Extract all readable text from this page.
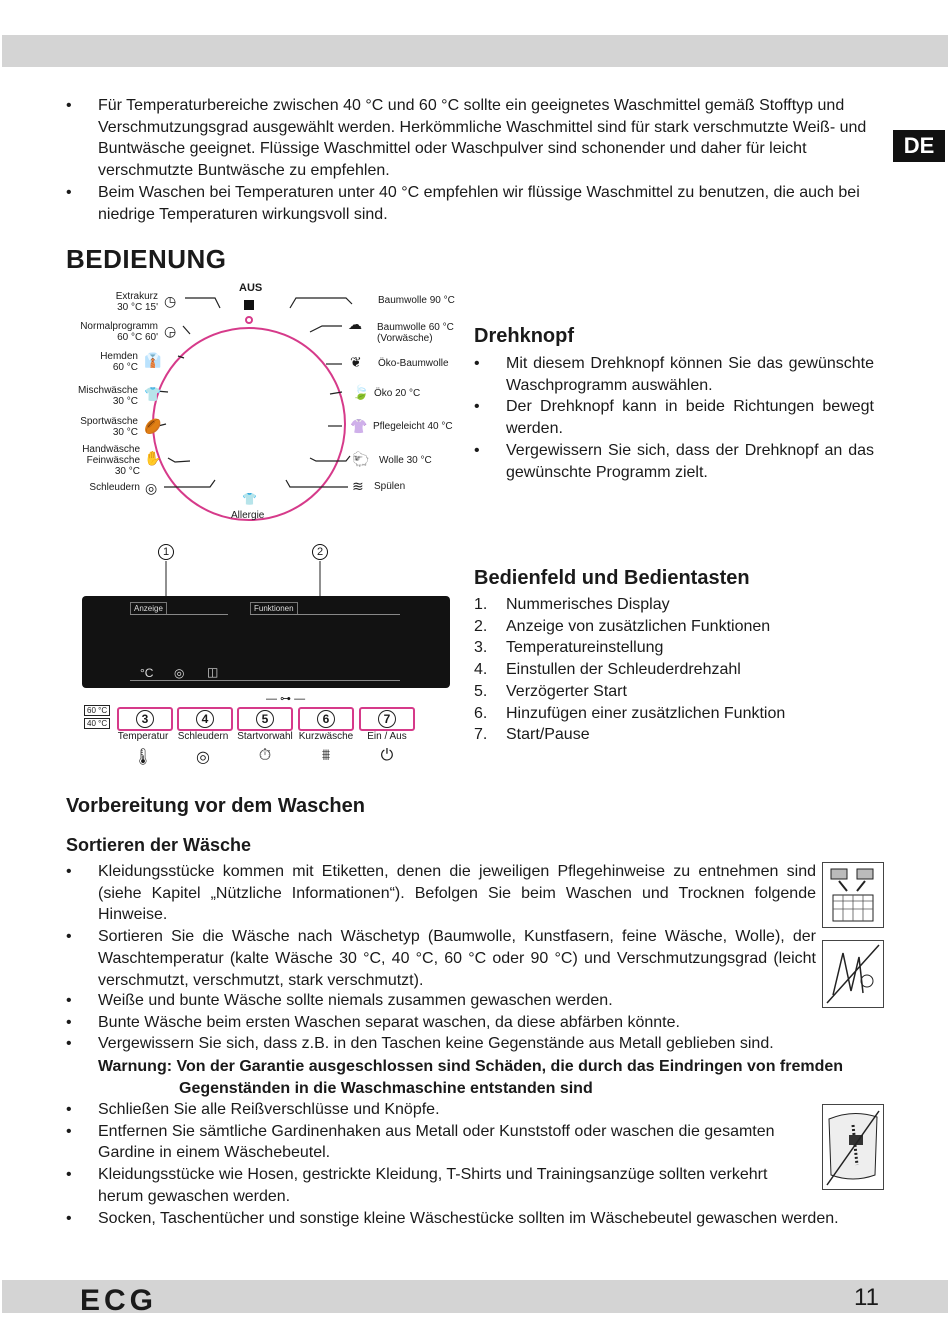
DE
• Für Temperaturbereiche zwischen 40 °C und 60 °C sollte ein geeignetes Waschmittel gemäß Stofftyp und Verschmutzungsgrad ausgewählt werden. Herkömmliche Waschmittel sind für stark verschmutzte Weiß- und Buntwäsche geeignet. Flüssige Waschmittel oder Waschpulver sind schonender und daher für leicht verschmutzte Buntwäsche zu empfehlen.
• Beim Waschen bei Temperaturen unter 40 °C empfehlen wir flüssige Waschmittel zu benutzen, die auch bei niedrige Temperaturen wirkungsvoll sind.
BEDIENUNG
AUS
Allergie
👕
Extrakurz
30 °C 15' ◷
Normalprogramm
60 °C 60' ◶
Hemden
60 °C 👔
Mischwäsche
30 °C 👕
Sportwäsche
30 °C 🏉
Handwäsche
Feinwäsche
30 °C
✋
Schleudern ◎
Baumwolle 90 °C
☁ Baumwolle 60 °C
(Vorwäsche)
❦ Öko-Baumwolle
🍃 Öko 20 °C
👚 Pflegeleicht 40 °C
🐑 Wolle 30 °C
≋ Spülen
Drehknopf
• Mit diesem Drehknopf können Sie das gewünschte Waschprogramm auswählen.
• Der Drehknopf kann in beide Richtungen bewegt werden.
• Vergewissern Sie sich, dass der Drehknopf an das gewünschte Programm zielt.
1	2
Anzeige	Funktionen
°C ◎ ◫
— ⊶ —
60 °C
40 °C	3	4	5	6	7
Temperatur Schleudern Startvorwahl Kurzwäsche	Ein / Aus
🌡	◎	⏱	⩩	⏻
Bedienfeld und Bedientasten
1. Nummerisches Display
2. Anzeige von zusätzlichen Funktionen
3. Temperatureinstellung
4. Einstullen der Schleuderdrehzahl
5. Verzögerter Start
6. Hinzufügen einer zusätzlichen Funktion
7. Start/Pause
Vorbereitung vor dem Waschen
Sortieren der Wäsche
• Kleidungsstücke kommen mit Etiketten, denen die jeweiligen Pflegehinweise zu entnehmen sind (siehe Kapitel „Nützliche Informationen“). Befolgen Sie beim Waschen und Trocknen folgende Hinweise.
• Sortieren Sie die Wäsche nach Wäschetyp (Baumwolle, Kunstfasern, feine Wäsche, Wolle), der Waschtemperatur (kalte Wäsche 30 °C, 40 °C, 60 °C oder 90 °C) und Verschmutzungsgrad (leicht verschmutzt, verschmutzt, stark verschmutzt).
• Weiße und bunte Wäsche sollte niemals zusammen gewaschen werden.
• Bunte Wäsche beim ersten Waschen separat waschen, da diese abfärben könnte.
• Vergewissern Sie sich, dass z.B. in den Taschen keine Gegenstände aus Metall geblieben sind.
Warnung: Von der Garantie ausgeschlossen sind Schäden, die durch das Eindringen von fremden
Gegenständen in die Waschmaschine entstanden sind
• Schließen Sie alle Reißverschlüsse und Knöpfe.
• Entfernen Sie sämtliche Gardinenhaken aus Metall oder Kunststoff oder waschen die gesamten Gardine in einem Wäschebeutel.
• Kleidungsstücke wie Hosen, gestrickte Kleidung, T-Shirts und Trainingsanzüge sollten verkehrt herum gewaschen werden.
• Socken, Taschentücher und sonstige kleine Wäschestücke sollten im Wäschebeutel gewaschen werden.
ECG	11
